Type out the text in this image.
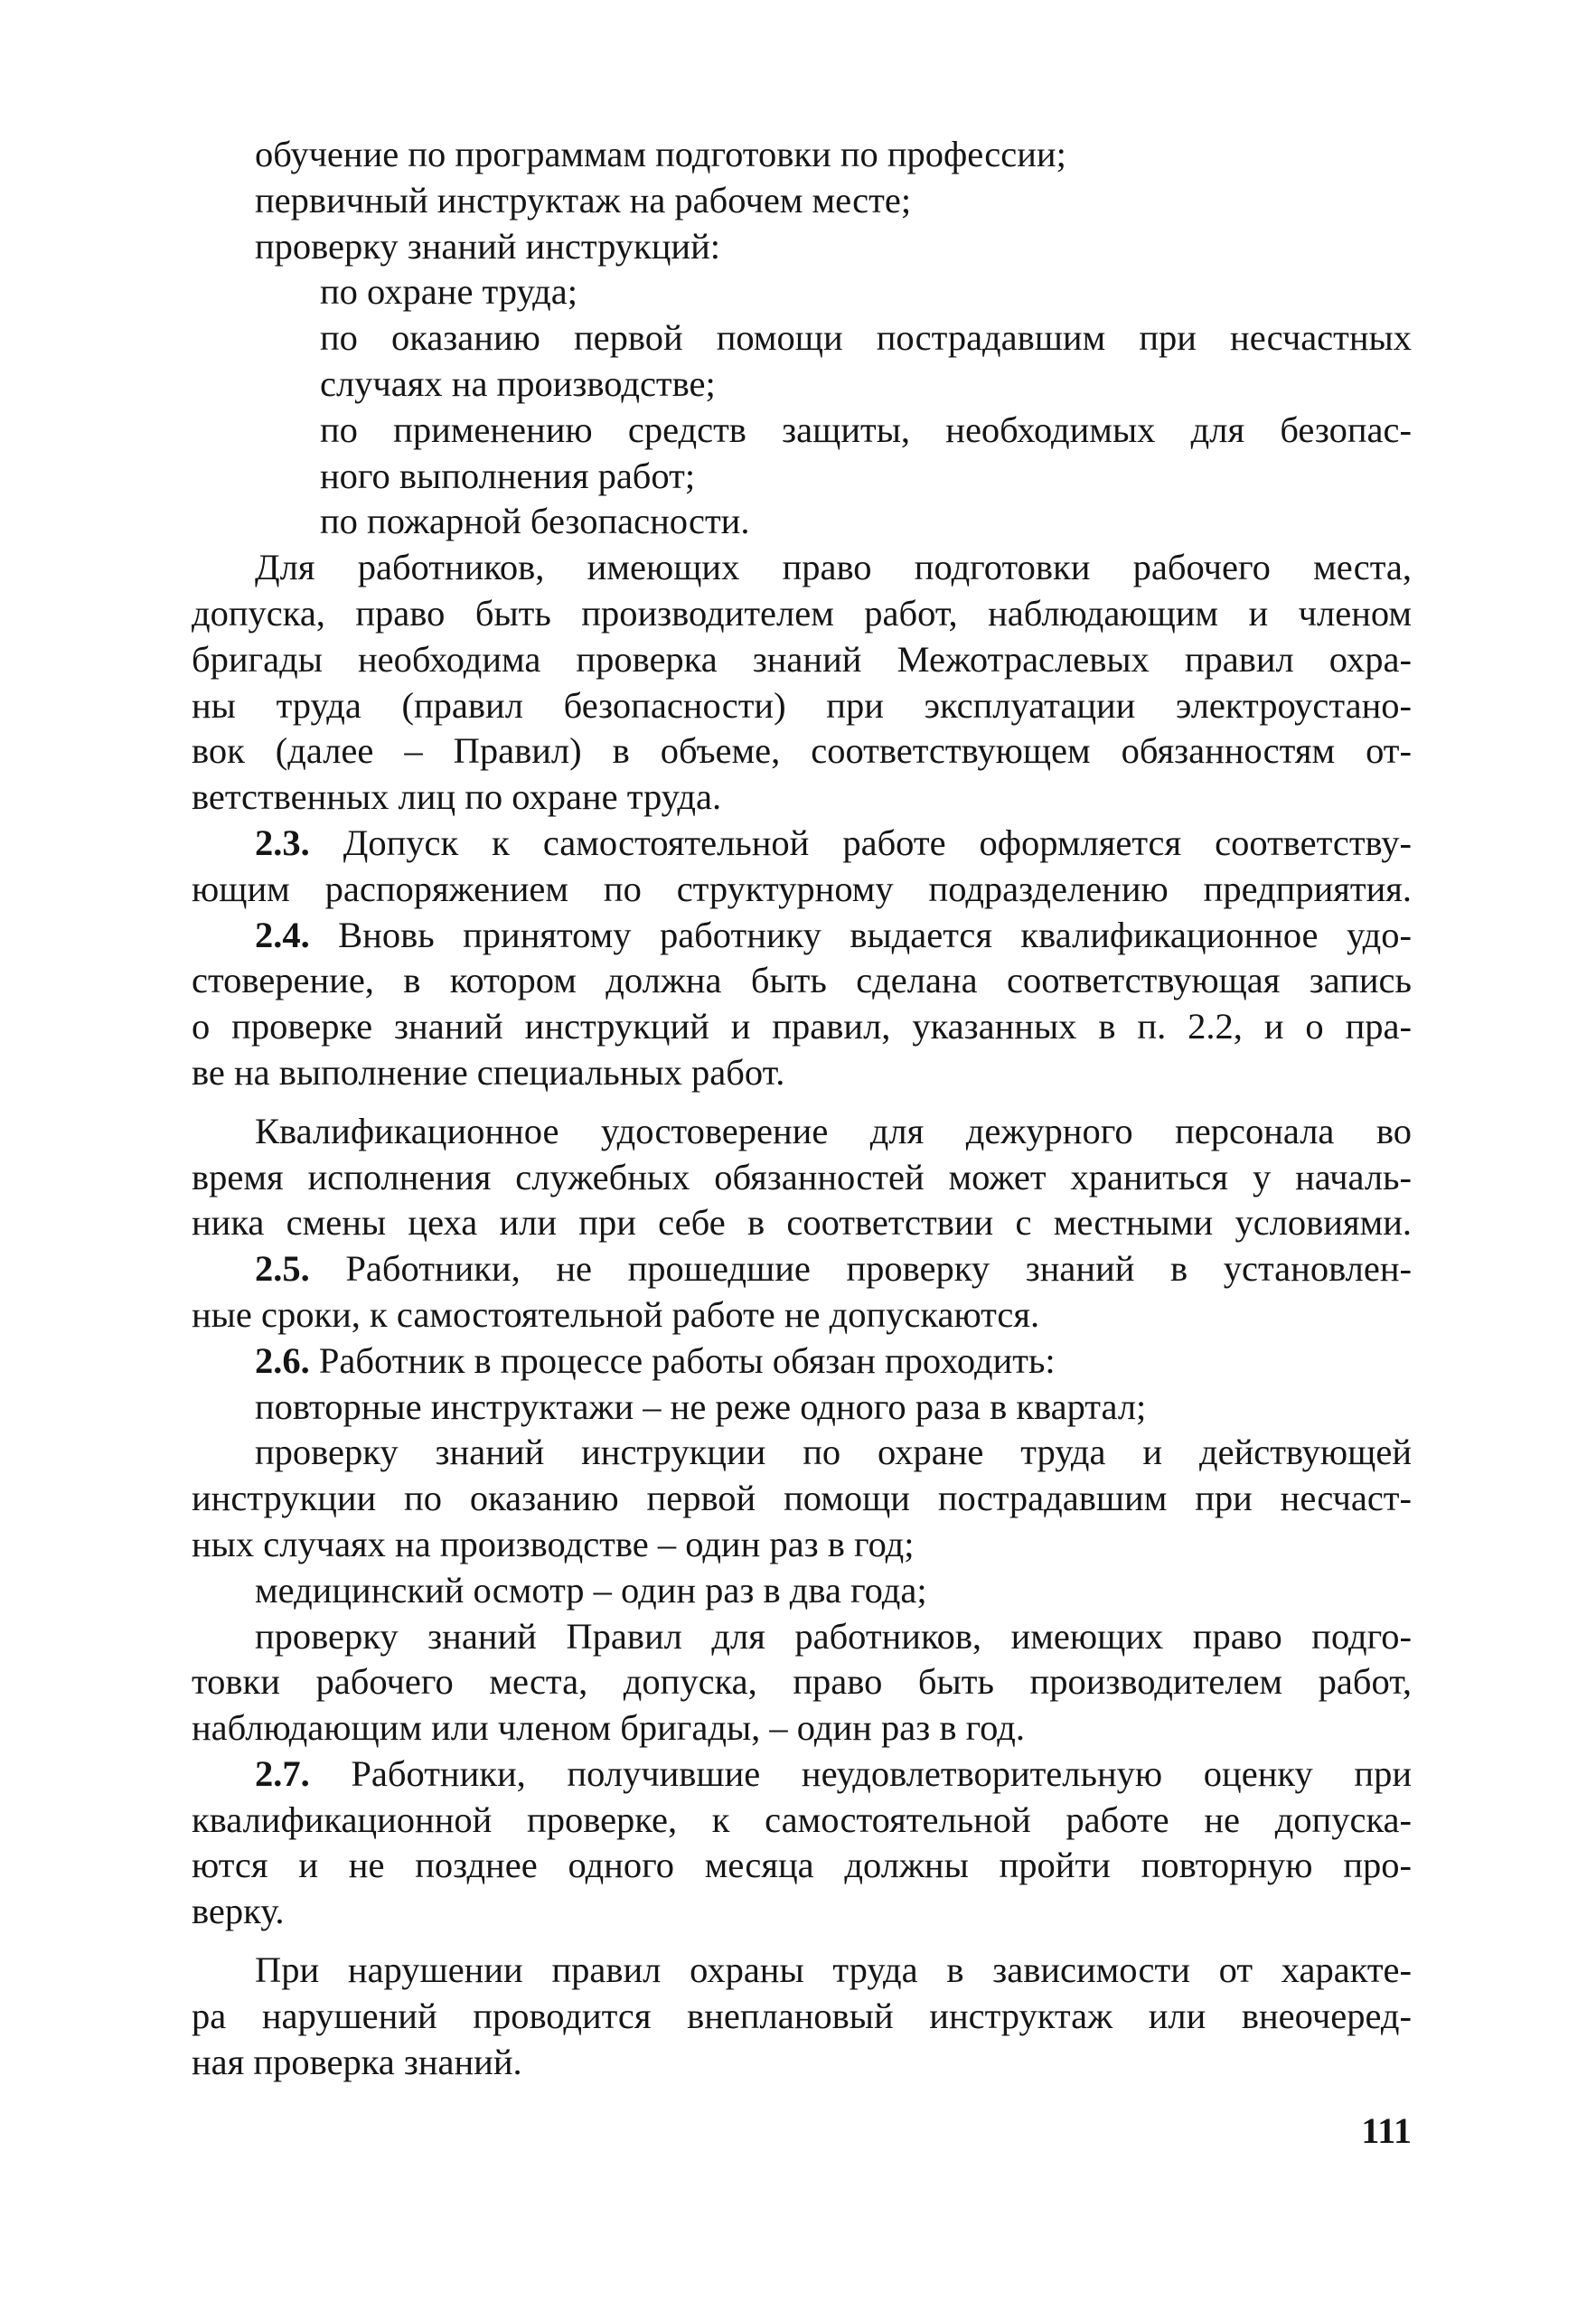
обучение по программам подготовки по профессии;
первичный инструктаж на рабочем месте;
проверку знаний инструкций:
по охране труда;
по оказанию первой помощи пострадавшим при несчастных
случаях на производстве;
по применению средств защиты, необходимых для безопас-
ного выполнения работ;
по пожарной безопасности.
Для работников, имеющих право подготовки рабочего места,
допуска, право быть производителем работ, наблюдающим и членом
бригады необходима проверка знаний Межотраслевых правил охра-
ны труда (правил безопасности) при эксплуатации электроустано-
вок (далее – Правил) в объеме, соответствующем обязанностям от-
ветственных лиц по охране труда.
2.3. Допуск к самостоятельной работе оформляется соответству-
ющим распоряжением по структурному подразделению предприятия.
2.4. Вновь принятому работнику выдается квалификационное удо-
стоверение, в котором должна быть сделана соответствующая запись
о проверке знаний инструкций и правил, указанных в п. 2.2, и о пра-
ве на выполнение специальных работ.
Квалификационное удостоверение для дежурного персонала во
время исполнения служебных обязанностей может храниться у началь-
ника смены цеха или при себе в соответствии с местными условиями.
2.5. Работники, не прошедшие проверку знаний в установлен-
ные сроки, к самостоятельной работе не допускаются.
2.6. Работник в процессе работы обязан проходить:
повторные инструктажи – не реже одного раза в квартал;
проверку знаний инструкции по охране труда и действующей
инструкции по оказанию первой помощи пострадавшим при несчаст-
ных случаях на производстве – один раз в год;
медицинский осмотр – один раз в два года;
проверку знаний Правил для работников, имеющих право подго-
товки рабочего места, допуска, право быть производителем работ,
наблюдающим или членом бригады, – один раз в год.
2.7. Работники, получившие неудовлетворительную оценку при
квалификационной проверке, к самостоятельной работе не допуска-
ются и не позднее одного месяца должны пройти повторную про-
верку.
При нарушении правил охраны труда в зависимости от характе-
ра нарушений проводится внеплановый инструктаж или внеочеред-
ная проверка знаний.
111
